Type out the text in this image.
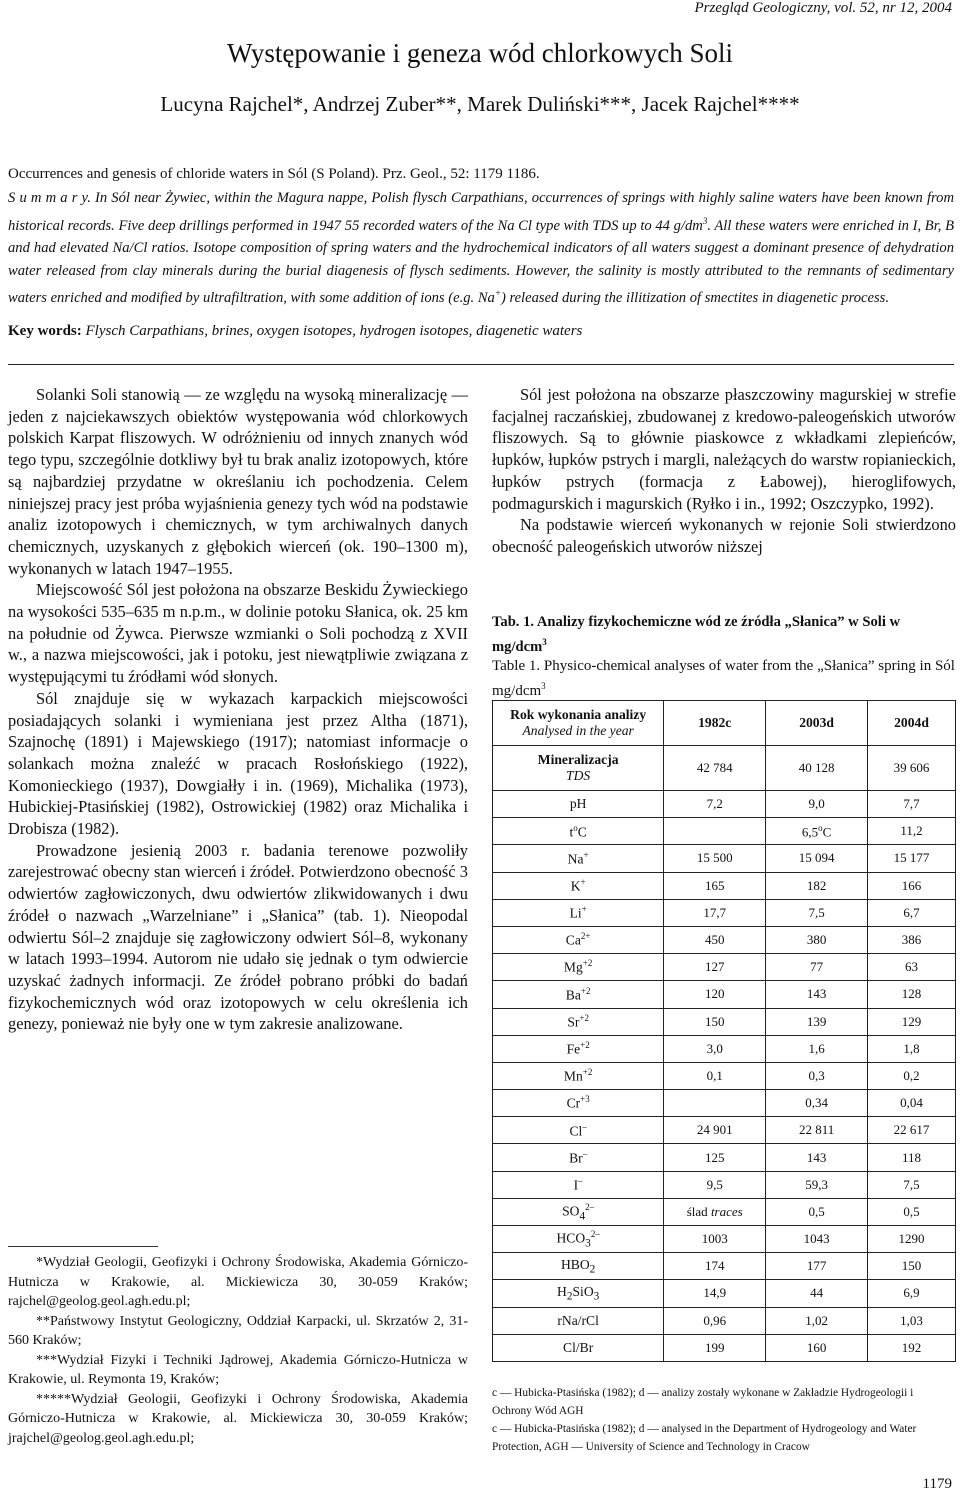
Przegląd Geologiczny, vol. 52, nr 12, 2004
Występowanie i geneza wód chlorkowych Soli
Lucyna Rajchel*, Andrzej Zuber**, Marek Duliński***, Jacek Rajchel****
Occurrences and genesis of chloride waters in Sól (S Poland). Prz. Geol., 52: 1179 1186.
S u m m a r y. In Sól near Żywiec, within the Magura nappe, Polish flysch Carpathians, occurrences of springs with highly saline waters have been known from historical records. Five deep drillings performed in 1947 55 recorded waters of the Na Cl type with TDS up to 44 $g/dm^3$. All these waters were enriched in I, Br, B and had elevated Na/Cl ratios. Isotope composition of spring waters and the hydrochemical indicators of all waters suggest a dominant presence of dehydration water released from clay minerals during the burial diagenesis of flysch sediments. However, the salinity is mostly attributed to the remnants of sedimentary waters enriched and modified by ultrafiltration, with some addition of ions (e.g. Na+) released during the illitization of smectites in diagenetic process.
Key words: Flysch Carpathians, brines, oxygen isotopes, hydrogen isotopes, diagenetic waters

Solanki Soli stanowią — ze względu na wysoką mineralizację — jeden z najciekawszych obiektów występowania wód chlorkowych polskich Karpat fliszowych. W odróżnieniu od innych znanych wód tego typu, szczególnie dotkliwy był tu brak analiz izotopowych, które są najbardziej przydatne w określaniu ich pochodzenia. Celem niniejszej pracy jest próba wyjaśnienia genezy tych wód na podstawie analiz izotopowych i chemicznych, w tym archiwalnych danych chemicznych, uzyskanych z głębokich wierceń (ok. 190–1300 m), wykonanych w latach 1947–1955.

Miejscowość Sól jest położona na obszarze Beskidu Żywieckiego na wysokości 535–635 m n.p.m., w dolinie potoku Słanica, ok. 25 km na południe od Żywca. Pierwsze wzmianki o Soli pochodzą z XVII w., a nazwa miejscowości, jak i potoku, jest niewątpliwie związana z występującymi tu źródłami wód słonych.

Sól znajduje się w wykazach karpackich miejscowości posiadających solanki i wymieniana jest przez Altha (1871), Szajnochę (1891) i Majewskiego (1917); natomiast informacje o solankach można znaleźć w pracach Rosłońskiego (1922), Komonieckiego (1937), Dowgiałły i in. (1969), Michalika (1973), Hubickiej-Ptasińskiej (1982), Ostrowickiej (1982) oraz Michalika i Drobisza (1982).

Prowadzone jesienią 2003 r. badania terenowe pozwoliły zarejestrować obecny stan wierceń i źródeł. Potwierdzono obecność 3 odwiertów zagłowiczonych, dwu odwiertów zlikwidowanych i dwu źródeł o nazwach „Warzelniane” i „Słanica” (tab. 1). Nieopodal odwiertu Sól–2 znajduje się zagłowiczony odwiert Sól–8, wykonany w latach 1993–1994. Autorom nie udało się jednak o tym odwiercie uzyskać żadnych informacji. Ze źródeł pobrano próbki do badań fizykochemicznych wód oraz izotopowych w celu określenia ich genezy, ponieważ nie były one w tym zakresie analizowane.

*Wydział Geologii, Geofizyki i Ochrony Środowiska, Akademia Górniczo-Hutnicza w Krakowie, al. Mickiewicza 30, 30-059 Kraków; rajchel@geolog.geol.agh.edu.pl;

**Państwowy Instytut Geologiczny, Oddział Karpacki, ul. Skrzatów 2, 31-560 Kraków;

***Wydział Fizyki i Techniki Jądrowej, Akademia Górniczo-Hutnicza w Krakowie, ul. Reymonta 19, Kraków;

*****Wydział Geologii, Geofizyki i Ochrony Środowiska, Akademia Górniczo-Hutnicza w Krakowie, al. Mickiewicza 30, 30-059 Kraków; jrajchel@geolog.geol.agh.edu.pl;

Sól jest położona na obszarze płaszczowiny magurskiej w strefie facjalnej raczańskiej, zbudowanej z kredowo-paleogeńskich utworów fliszowych. Są to głównie piaskowce z wkładkami zlepieńców, łupków, łupków pstrych i margli, należących do warstw ropianieckich, łupków pstrych (formacja z Łabowej), hieroglifowych, podmagurskich i magurskich (Ryłko i in., 1992; Oszczypko, 1992).

Na podstawie wierceń wykonanych w rejonie Soli stwierdzono obecność paleogeńskich utworów niższej

Tab. 1. Analizy fizykochemiczne wód ze źródła „Słanica” w Soli w mg/dcm$^3$
Table 1. Physico-chemical analyses of water from the „Słanica” spring in Sól mg/dcm$^3$
Rok wykonania analizy
Analysed in the year	1982c	2003d	2004d

Mineralizacja
TDS	42 784	40 128	39 606
pH	7,2	9,0	7,7
$t^oC$		6,5$^o$C	11,2
Na+	15 500	15 094	15 177
K+	165	182	166
Li+	17,7	7,5	6,7
$Ca^{2+}$	450	380	386
$Mg^{+2}$	127	77	63
$Ba^{+2}$	120	143	128
$Sr^{+2}$	150	139	129
$Fe^{+2}$	3,0	1,6	1,8
$Mn^{+2}$	0,1	0,3	0,2
$Cr^{+3}$		0,34	0,04
Cl–	24 901	22 811	22 617
Br–	125	143	118
I–	9,5	59,3	7,5
$SO_4^{2-}$	ślad traces	0,5	0,5
$HCO_3^{2-}$	1003	1043	1290
$HBO_2$	174	177	150
$H_2SiO_3$	14,9	44	6,9
rNa/rCl	0,96	1,02	1,03
Cl/Br	199	160	192
c — Hubicka-Ptasińska (1982); d — analizy zostały wykonane w Zakładzie Hydrogeologii i Ochrony Wód AGH
c — Hubicka-Ptasińska (1982); d — analysed in the Department of Hydrogeology and Water Protection, AGH — University of Science and Technology in Cracow
1179
